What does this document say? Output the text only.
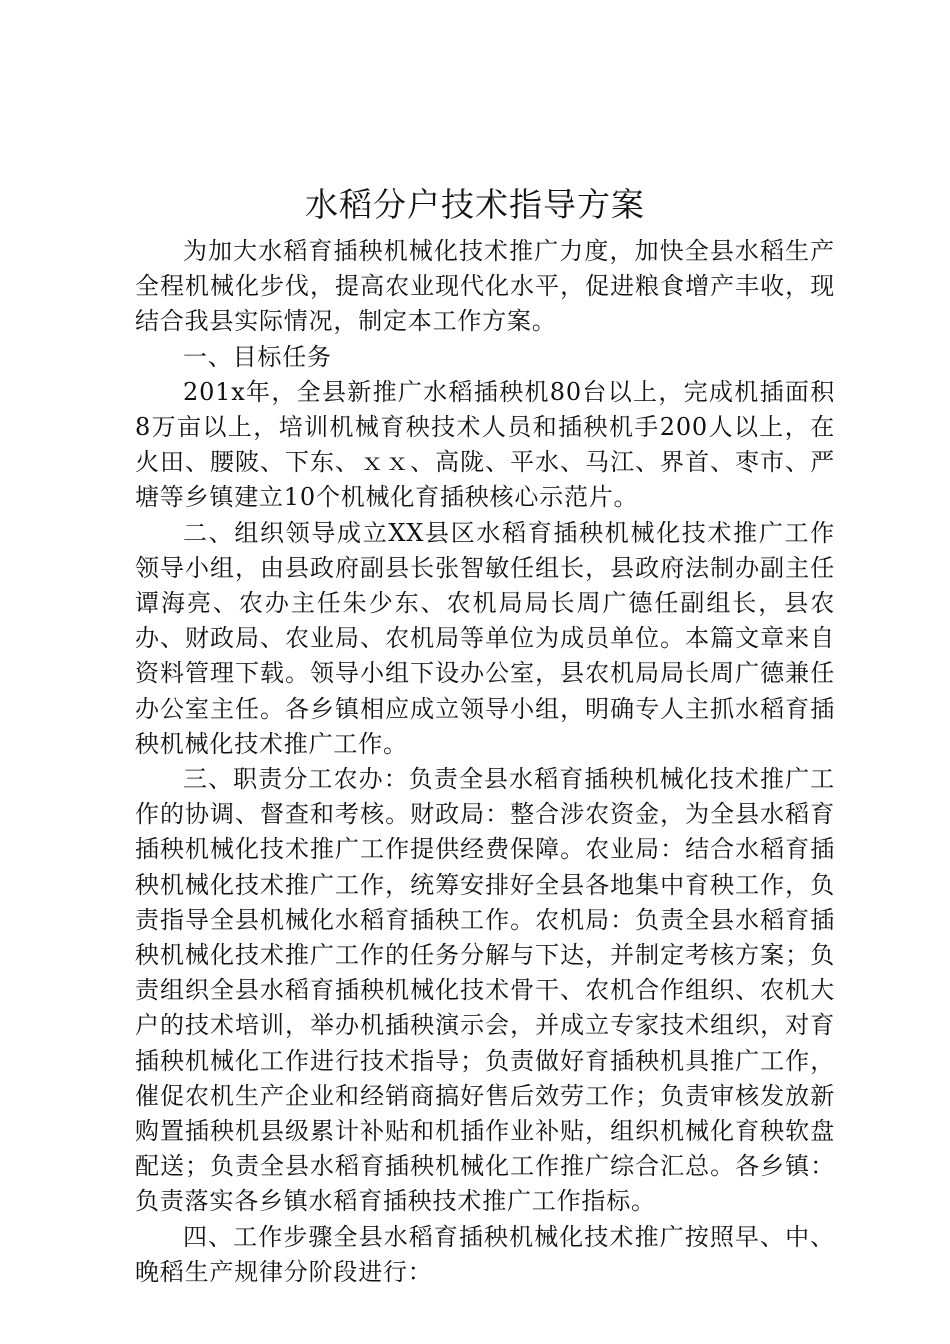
水稻分户技术指导方案

为加大水稻育插秧机械化技术推广力度，加快全县水稻生产全程机械化步伐，提高农业现代化水平，促进粮食增产丰收，现结合我县实际情况，制定本工作方案。

一、目标任务

201x年，全县新推广水稻插秧机80台以上，完成机插面积8万亩以上，培训机械育秧技术人员和插秧机手200人以上，在火田、腰陂、下东、ｘｘ、高陇、平水、马江、界首、枣市、严塘等乡镇建立10个机械化育插秧核心示范片。

二、组织领导成立XX县区水稻育插秧机械化技术推广工作领导小组，由县政府副县长张智敏任组长，县政府法制办副主任谭海亮、农办主任朱少东、农机局局长周广德任副组长，县农办、财政局、农业局、农机局等单位为成员单位。本篇文章来自资料管理下载。领导小组下设办公室，县农机局局长周广德兼任办公室主任。各乡镇相应成立领导小组，明确专人主抓水稻育插秧机械化技术推广工作。

三、职责分工农办：负责全县水稻育插秧机械化技术推广工作的协调、督查和考核。财政局：整合涉农资金，为全县水稻育插秧机械化技术推广工作提供经费保障。农业局：结合水稻育插秧机械化技术推广工作，统筹安排好全县各地集中育秧工作，负责指导全县机械化水稻育插秧工作。农机局：负责全县水稻育插秧机械化技术推广工作的任务分解与下达，并制定考核方案；负责组织全县水稻育插秧机械化技术骨干、农机合作组织、农机大户的技术培训，举办机插秧演示会，并成立专家技术组织，对育插秧机械化工作进行技术指导；负责做好育插秧机具推广工作，催促农机生产企业和经销商搞好售后效劳工作；负责审核发放新购置插秧机县级累计补贴和机插作业补贴，组织机械化育秧软盘配送；负责全县水稻育插秧机械化工作推广综合汇总。各乡镇：负责落实各乡镇水稻育插秧技术推广工作指标。

四、工作步骤全县水稻育插秧机械化技术推广按照早、中、晚稻生产规律分阶段进行：
